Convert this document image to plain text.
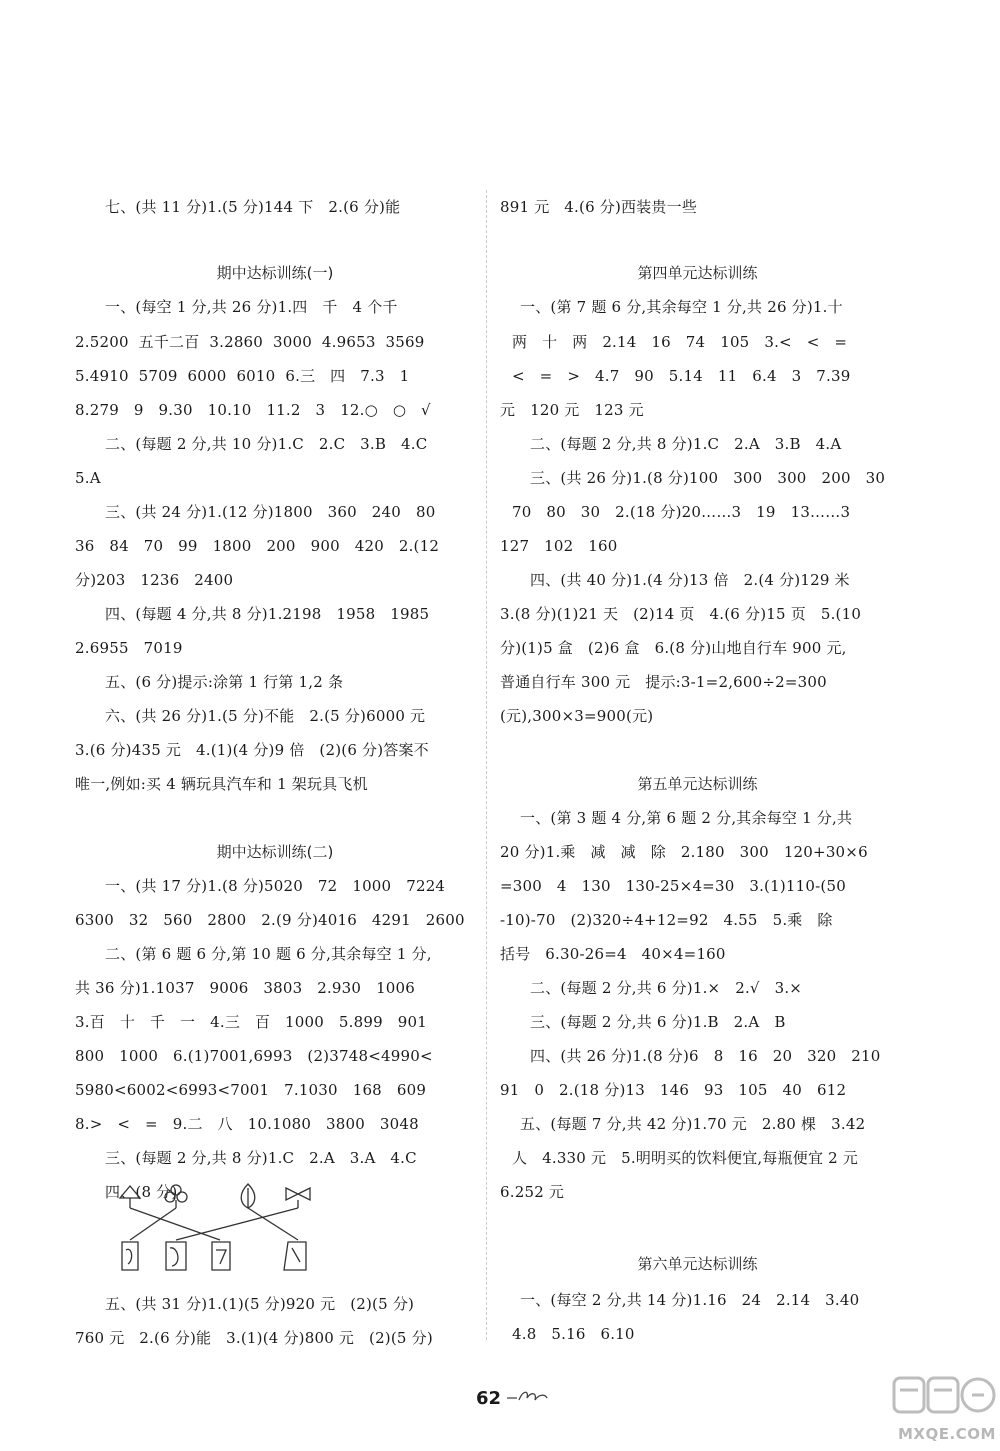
七、(共 11 分)1.(5 分)144 下   2.(6 分)能
期中达标训练(一)
一、(每空 1 分,共 26 分)1.四   千   4 个千
2.5200  五千二百  3.2860  3000  4.9653  3569
5.4910  5709  6000  6010  6.三   四   7.3   1
8.279   9   9.30   10.10   11.2   3   12.○   ○   √
二、(每题 2 分,共 10 分)1.C   2.C   3.B   4.C
5.A
三、(共 24 分)1.(12 分)1800   360   240   80
36   84   70   99   1800   200   900   420   2.(12
分)203   1236   2400
四、(每题 4 分,共 8 分)1.2198   1958   1985
2.6955   7019
五、(6 分)提示:涂第 1 行第 1,2 条
六、(共 26 分)1.(5 分)不能   2.(5 分)6000 元
3.(6 分)435 元   4.(1)(4 分)9 倍   (2)(6 分)答案不
唯一,例如:买 4 辆玩具汽车和 1 架玩具飞机
期中达标训练(二)
一、(共 17 分)1.(8 分)5020   72   1000   7224
6300   32   560   2800   2.(9 分)4016   4291   2600
二、(第 6 题 6 分,第 10 题 6 分,其余每空 1 分,
共 36 分)1.1037   9006   3803   2.930   1006
3.百   十   千   一   4.三   百   1000   5.899   901
800   1000   6.(1)7001,6993   (2)3748<4990<
5980<6002<6993<7001   7.1030   168   609
8.>   <   =   9.二   八   10.1080   3800   3048
三、(每题 2 分,共 8 分)1.C   2.A   3.A   4.C
四、(8 分)
五、(共 31 分)1.(1)(5 分)920 元   (2)(5 分)
760 元   2.(6 分)能   3.(1)(4 分)800 元   (2)(5 分)
891 元   4.(6 分)西装贵一些
第四单元达标训练
一、(第 7 题 6 分,其余每空 1 分,共 26 分)1.十
两   十   两   2.14   16   74   105   3.<   <   =
<   =   >   4.7   90   5.14   11   6.4   3   7.39
元   120 元   123 元
二、(每题 2 分,共 8 分)1.C   2.A   3.B   4.A
三、(共 26 分)1.(8 分)100   300   300   200   30
70   80   30   2.(18 分)20……3   19   13……3
127   102   160
四、(共 40 分)1.(4 分)13 倍   2.(4 分)129 米
3.(8 分)(1)21 天   (2)14 页   4.(6 分)15 页   5.(10
分)(1)5 盒   (2)6 盒   6.(8 分)山地自行车 900 元,
普通自行车 300 元   提示:3-1=2,600÷2=300
(元),300×3=900(元)
第五单元达标训练
一、(第 3 题 4 分,第 6 题 2 分,其余每空 1 分,共
20 分)1.乘   减   减   除   2.180   300   120+30×6
=300   4   130   130-25×4=30   3.(1)110-(50
-10)-70   (2)320÷4+12=92   4.55   5.乘   除
括号   6.30-26=4   40×4=160
二、(每题 2 分,共 6 分)1.×   2.√   3.×
三、(每题 2 分,共 6 分)1.B   2.A   B
四、(共 26 分)1.(8 分)6   8   16   20   320   210
91   0   2.(18 分)13   146   93   105   40   612
五、(每题 7 分,共 42 分)1.70 元   2.80 棵   3.42
人   4.330 元   5.明明买的饮料便宜,每瓶便宜 2 元
6.252 元
第六单元达标训练
一、(每空 2 分,共 14 分)1.16   24   2.14   3.40
4.8   5.16   6.10
62
MXQE.COM
